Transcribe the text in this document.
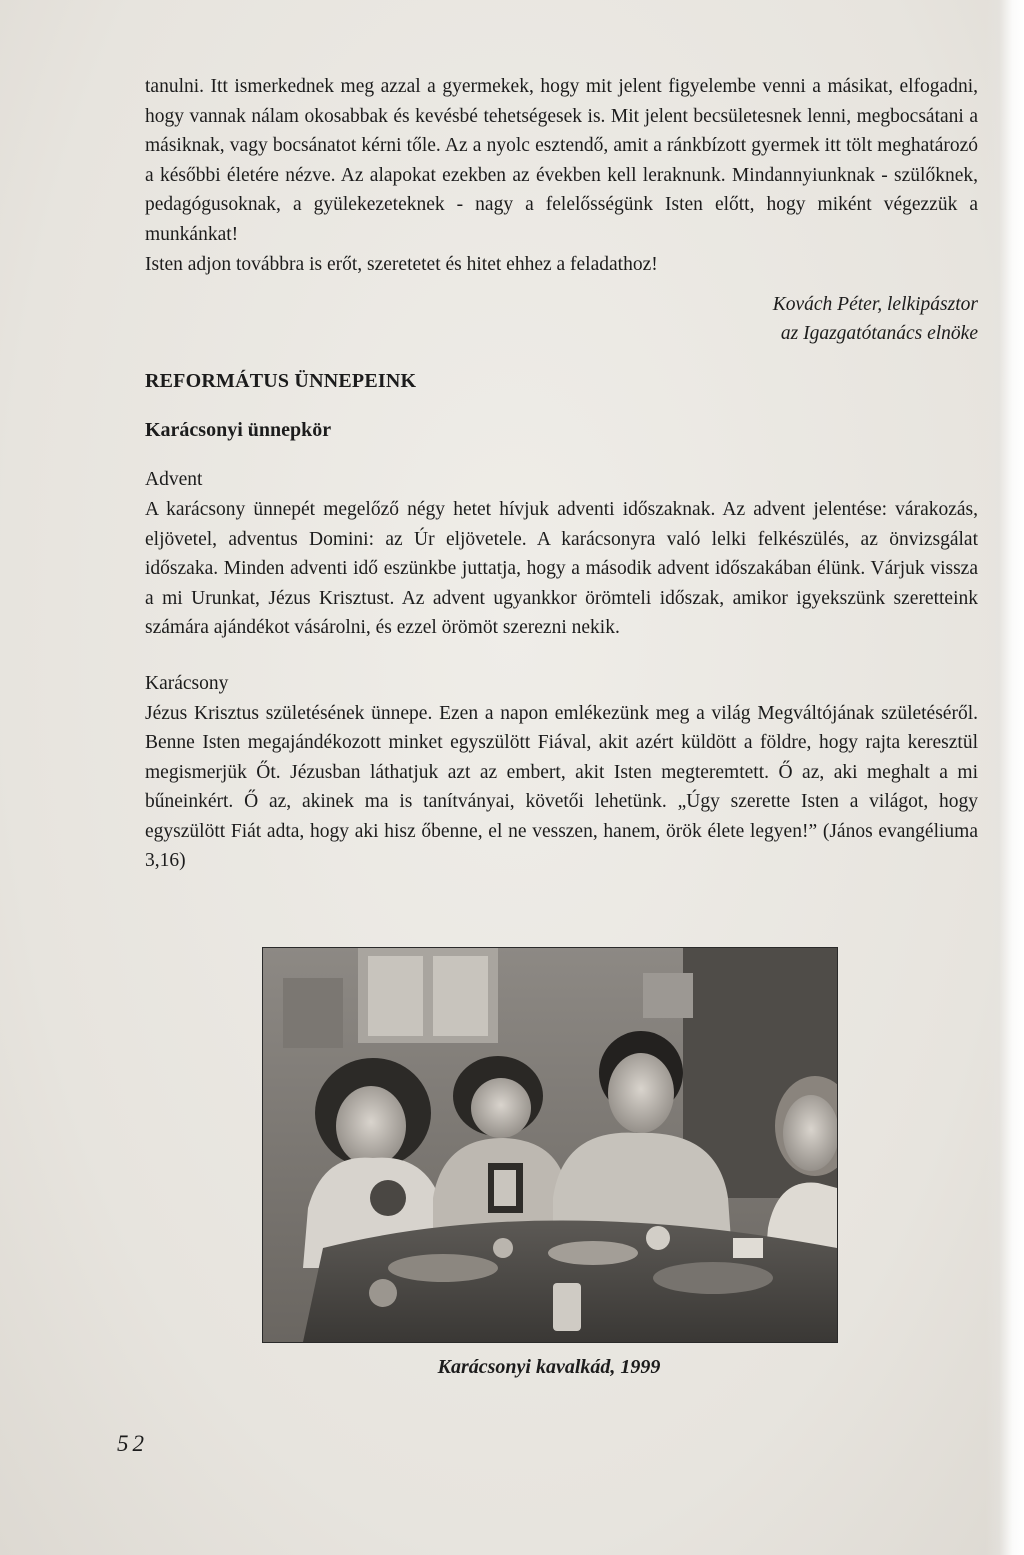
tanulni. Itt ismerkednek meg azzal a gyermekek, hogy mit jelent figyelembe venni a másikat, elfogadni, hogy vannak nálam okosabbak és kevésbé tehetségesek is. Mit jelent becsületesnek lenni, megbocsátani a másiknak, vagy bocsánatot kérni tőle. Az a nyolc esztendő, amit a ránkbízott gyermek itt tölt meghatározó a későbbi életére nézve. Az alapokat ezekben az években kell leraknunk. Mindannyiunknak - szülőknek, pedagógusoknak, a gyülekezeteknek - nagy a felelősségünk Isten előtt, hogy miként végezzük a munkánkat!

Isten adjon továbbra is erőt, szeretetet és hitet ehhez a feladathoz!

Kovách Péter, lelkipásztor
az Igazgatótanács elnöke
REFORMÁTUS ÜNNEPEINK
Karácsonyi ünnepkör
Advent

A karácsony ünnepét megelőző négy hetet hívjuk adventi időszaknak. Az advent jelentése: várakozás, eljövetel, adventus Domini: az Úr eljövetele. A karácsonyra való lelki felkészülés, az önvizsgálat időszaka. Minden adventi idő eszünkbe juttatja, hogy a második advent időszakában élünk. Várjuk vissza a mi Urunkat, Jézus Krisztust. Az advent ugyankkor örömteli időszak, amikor igyekszünk szeretteink számára ajándékot vásárolni, és ezzel örömöt szerezni nekik.

Karácsony

Jézus Krisztus születésének ünnepe. Ezen a napon emlékezünk meg a világ Megváltójának születéséről. Benne Isten megajándékozott minket egyszülött Fiával, akit azért küldött a földre, hogy rajta keresztül megismerjük Őt. Jézusban láthatjuk azt az embert, akit Isten megteremtett. Ő az, aki meghalt a mi bűneinkért. Ő az, akinek ma is tanítványai, követői lehetünk. „Úgy szerette Isten a világot, hogy egyszülött Fiát adta, hogy aki hisz őbenne, el ne vesszen, hanem, örök élete legyen!” (János evangéliuma 3,16)

Karácsonyi kavalkád, 1999
52
